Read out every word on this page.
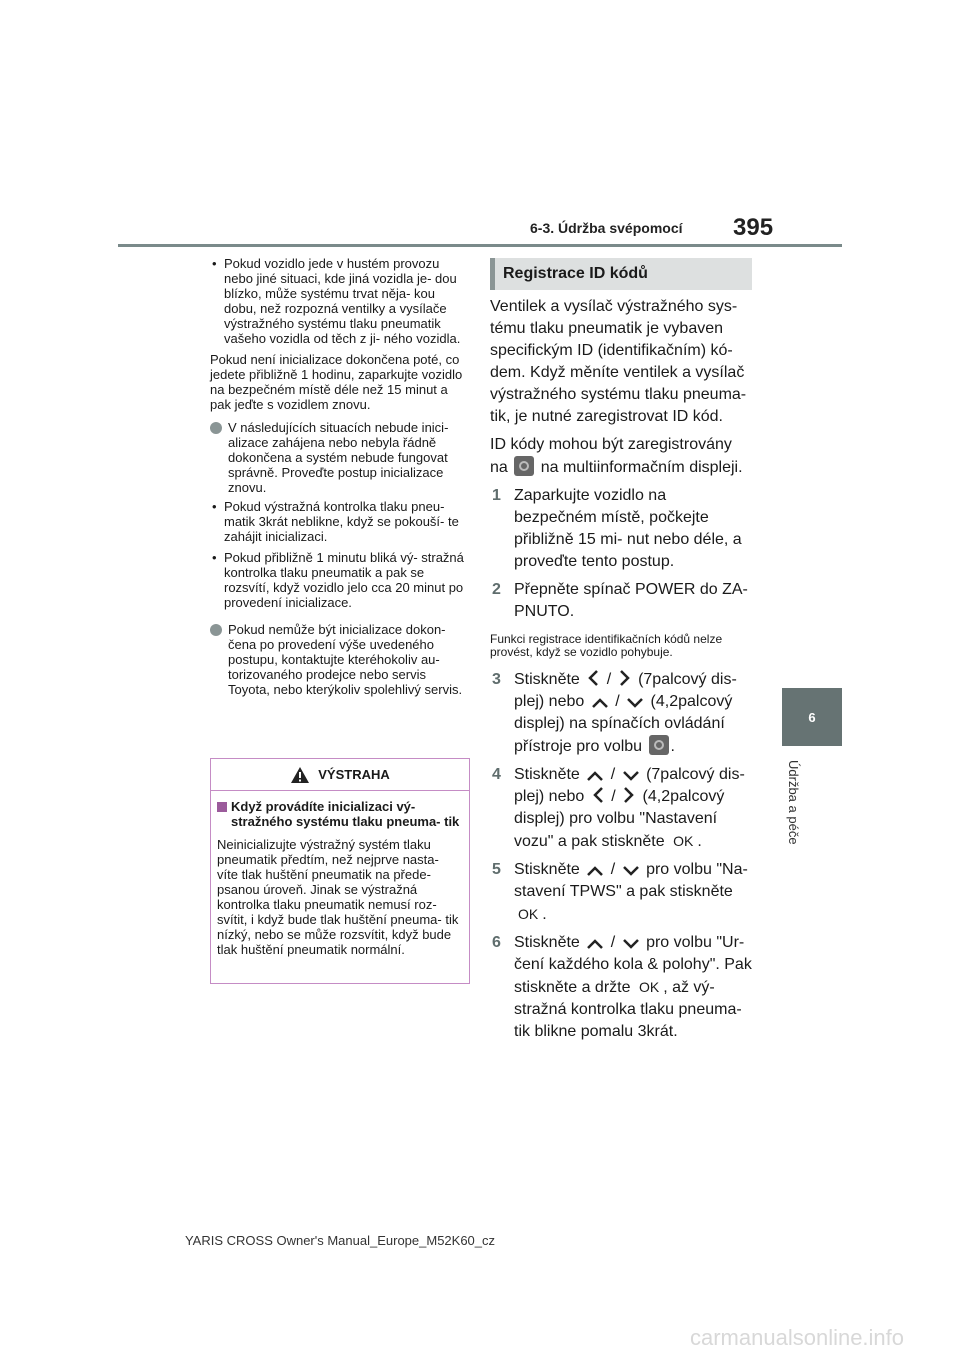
6-3. Údržba svépomocí 395
6
Údržba a péče
• Pokud vozidlo jede v hustém provozu nebo jiné situaci, kde jiná vozidla je- dou blízko, může systému trvat něja- kou dobu, než rozpozná ventilky a vysílače výstražného systému tlaku pneumatik vašeho vozidla od těch z ji- ného vozidla.
Pokud není inicializace dokončena poté, co jedete přibližně 1 hodinu, zaparkujte vozidlo na bezpečném místě déle než 15 minut a pak jeďte s vozidlem znovu.
V následujících situacích nebude inici- alizace zahájena nebo nebyla řádně dokončena a systém nebude fungovat správně. Proveďte postup inicializace znovu.
• Pokud výstražná kontrolka tlaku pneu- matik 3krát neblikne, když se pokouší- te zahájit inicializaci.
• Pokud přibližně 1 minutu bliká vý- stražná kontrolka tlaku pneumatik a pak se rozsvítí, když vozidlo jelo cca 20 minut po provedení inicializace.
Pokud nemůže být inicializace dokon- čena po provedení výše uvedeného postupu, kontaktujte kteréhokoliv au- torizovaného prodejce nebo servis Toyota, nebo kterýkoliv spolehlivý servis.
VÝSTRAHA
Když provádíte inicializaci vý- stražného systému tlaku pneuma- tik
Neinicializujte výstražný systém tlaku pneumatik předtím, než nejprve nasta- víte tlak huštění pneumatik na přede- psanou úroveň. Jinak se výstražná kontrolka tlaku pneumatik nemusí roz- svítit, i když bude tlak huštění pneuma- tik nízký, nebo se může rozsvítit, když bude tlak huštění pneumatik normální.
Registrace ID kódů

Ventilek a vysílač výstražného sys- tému tlaku pneumatik je vybaven specifickým ID (identifikačním) kó- dem. Když měníte ventilek a vysílač výstražného systému tlaku pneuma- tik, je nutné zaregistrovat ID kód.

ID kódy mohou být zaregistrovány na na multiinformačním displeji.

1 Zaparkujte vozidlo na bezpečném místě, počkejte přibližně 15 mi- nut nebo déle, a proveďte tento postup.
2 Přepněte spínač POWER do ZA- PNUTO.
Funkci registrace identifikačních kódů nelze provést, když se vozidlo pohybuje.
3 Stiskněte / (7palcový dis- plej) nebo / (4,2palcový displej) na spínačích ovládání přístroje pro volbu .
4 Stiskněte / (7palcový dis- plej) nebo / (4,2palcový displej) pro volbu "Nastavení vozu" a pak stiskněte OK .
5 Stiskněte / pro volbu "Na- stavení TPWS" a pak stiskněte OK .
6 Stiskněte / pro volbu "Ur- čení každého kola & polohy". Pak stiskněte a držte OK , až vý- stražná kontrolka tlaku pneuma- tik blikne pomalu 3krát.
YARIS CROSS Owner's Manual_Europe_M52K60_cz
carmanualsonline.info
